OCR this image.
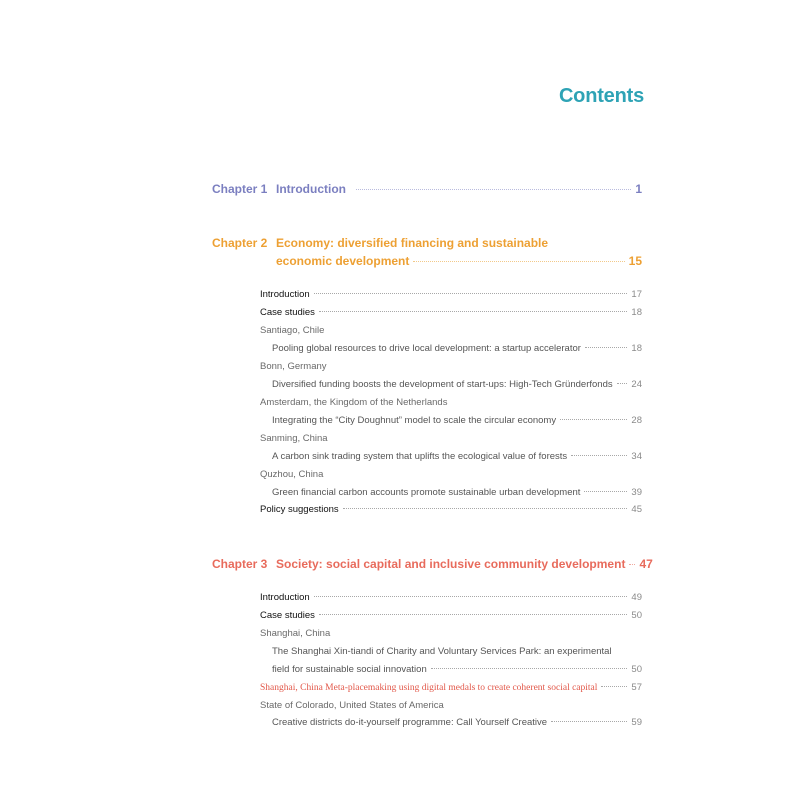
Contents
Chapter 1 Introduction	1
Chapter 2 Economy: diversified financing and sustainable
economic development	15
Introduction	17
Case studies	18
Santiago, Chile
Pooling global resources to drive local development: a startup accelerator	18
Bonn, Germany
Diversified funding boosts the development of start-ups: High-Tech Gründerfonds 24
Amsterdam, the Kingdom of the Netherlands
Integrating the “City Doughnut” model to scale the circular economy	28
Sanming, China
A carbon sink trading system that uplifts the ecological value of forests	34
Quzhou, China
Green financial carbon accounts promote sustainable urban development	39
Policy suggestions	45
Chapter 3 Society: social capital and inclusive community development 47
Introduction	49
Case studies	50
Shanghai, China
The Shanghai Xin-tiandi of Charity and Voluntary Services Park: an experimental
field for sustainable social innovation	50
Shanghai, China Meta-placemaking using digital medals to create coherent social capital	57
State of Colorado, United States of America
Creative districts do-it-yourself programme: Call Yourself Creative	59
